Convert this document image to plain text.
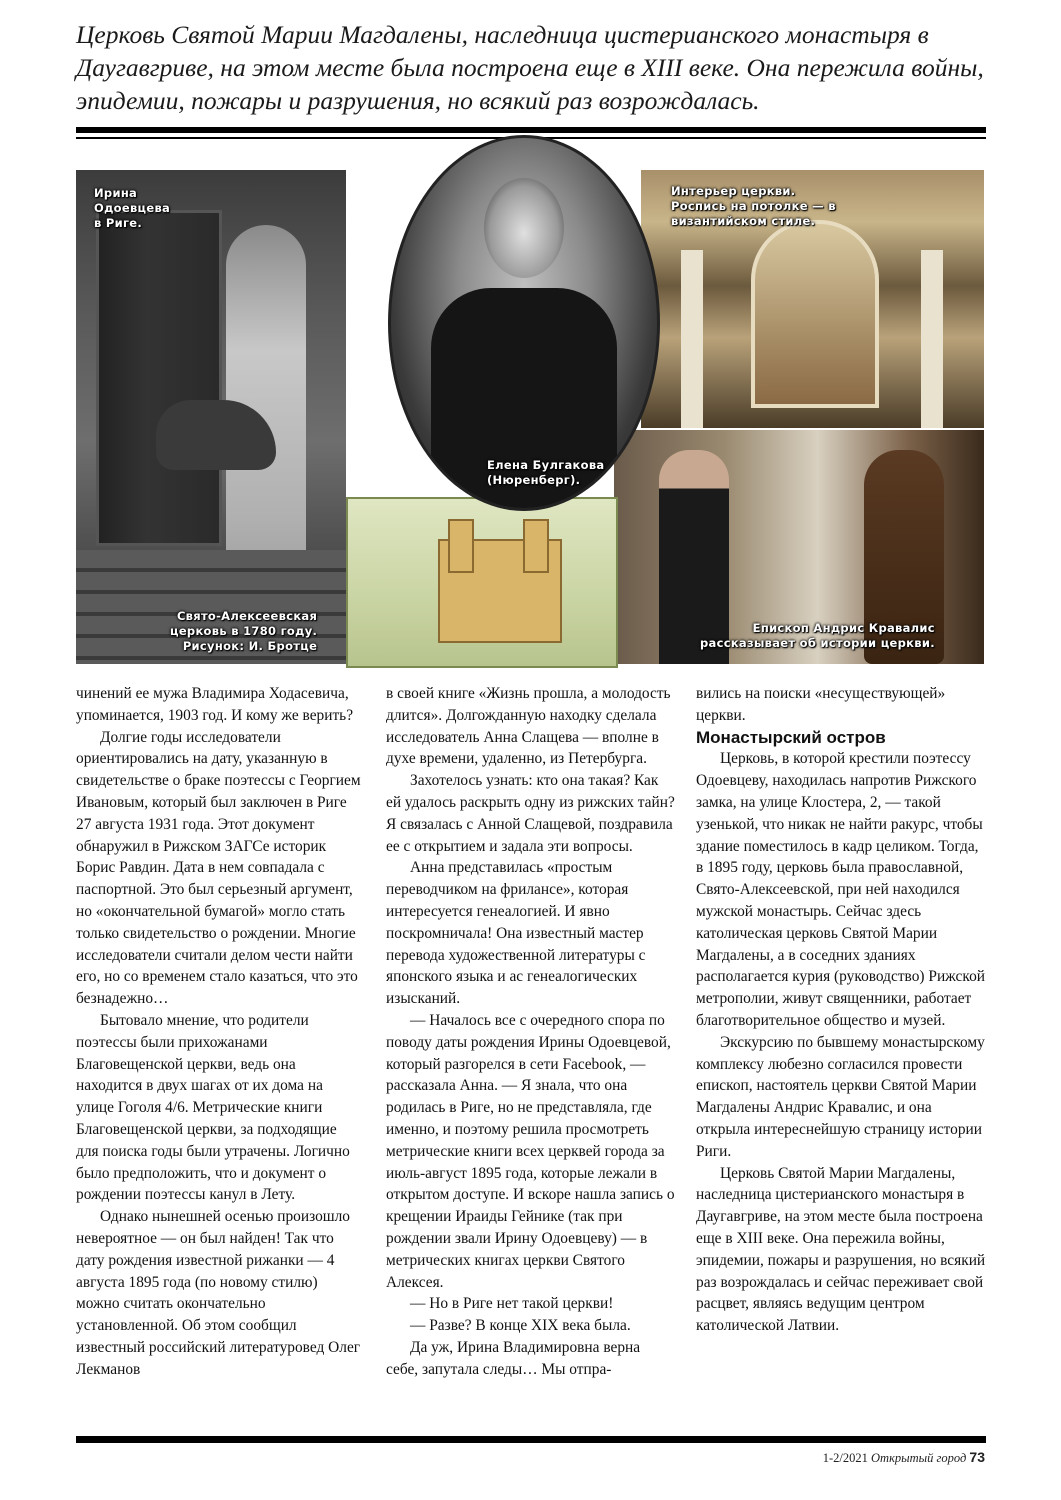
Церковь Святой Марии Магдалены, наследница цистерианского монастыря в Даугавгриве, на этом месте была построена еще в XIII веке. Она пережила войны, эпидемии, пожары и разрушения, но всякий раз возрождалась.

Ирина
Одоевцева
в Риге.
Елена Булгакова
(Нюренберг).
Интерьер церкви.
Роспись на потолке — в
византийском стиле.
Свято-Алексеевская
церковь в 1780 году.
Рисунок: И. Бротце
Епископ Андрис Кравалис
рассказывает об истории церкви.

чинений ее мужа Владимира Ходасевича, упоминается, 1903 год. И кому же верить?

Долгие годы исследователи ориентировались на дату, указанную в свидетельстве о браке поэтессы с Георгием Ивановым, который был заключен в Риге 27 августа 1931 года. Этот документ обнаружил в Рижском ЗАГСе историк Борис Равдин. Дата в нем совпадала с паспортной. Это был серьезный аргумент, но «окончательной бумагой» могло стать только свидетельство о рождении. Многие исследователи считали делом чести найти его, но со временем стало казаться, что это безнадежно…

Бытовало мнение, что родители поэтессы были прихожанами Благовещенской церкви, ведь она находится в двух шагах от их дома на улице Гоголя 4/6. Метрические книги Благовещенской церкви, за подходящие для поиска годы были утрачены. Логично было предположить, что и документ о рождении поэтессы канул в Лету.

Однако нынешней осенью произошло невероятное — он был найден! Так что дату рождения известной рижанки — 4 августа 1895 года (по новому стилю) можно считать окончательно установленной. Об этом сообщил известный российский литературовед Олег Лекманов

в своей книге «Жизнь прошла, а молодость длится». Долгожданную находку сделала исследователь Анна Слащева — вполне в духе времени, удаленно, из Петербурга.

Захотелось узнать: кто она такая? Как ей удалось раскрыть одну из рижских тайн? Я связалась с Анной Слащевой, поздравила ее с открытием и задала эти вопросы.

Анна представилась «простым переводчиком на фрилансе», которая интересуется генеалогией. И явно поскромничала! Она известный мастер перевода художественной литературы с японского языка и ас генеалогических изысканий.

— Началось все с очередного спора по поводу даты рождения Ирины Одоевцевой, который разгорелся в сети Facebook, — рассказала Анна. — Я знала, что она родилась в Риге, но не представляла, где именно, и поэтому решила просмотреть метрические книги всех церквей города за июль-август 1895 года, которые лежали в открытом доступе. И вскоре нашла запись о крещении Ираиды Гейнике (так при рождении звали Ирину Одоевцеву) — в метрических книгах церкви Святого Алексея.

— Но в Риге нет такой церкви!

— Разве? В конце XIX века была.

Да уж, Ирина Владимировна верна себе, запутала следы… Мы отпра-

вились на поиски «несуществующей» церкви.

Монастырский остров

Церковь, в которой крестили поэтессу Одоевцеву, находилась напротив Рижского замка, на улице Клостера, 2, — такой узенькой, что никак не найти ракурс, чтобы здание поместилось в кадр целиком. Тогда, в 1895 году, церковь была православной, Свято-Алексеевской, при ней находился мужской монастырь. Сейчас здесь католическая церковь Святой Марии Магдалены, а в соседних зданиях располагается курия (руководство) Рижской метрополии, живут священники, работает благотворительное общество и музей.

Экскурсию по бывшему монастырскому комплексу любезно согласился провести епископ, настоятель церкви Святой Марии Магдалены Андрис Кравалис, и она открыла интереснейшую страницу истории Риги.

Церковь Святой Марии Магдалены, наследница цистерианского монастыря в Даугавгриве, на этом месте была построена еще в XIII веке. Она пережила войны, эпидемии, пожары и разрушения, но всякий раз возрождалась и сейчас переживает свой расцвет, являясь ведущим центром католической Латвии.

1-2/2021 Открытый город 73
